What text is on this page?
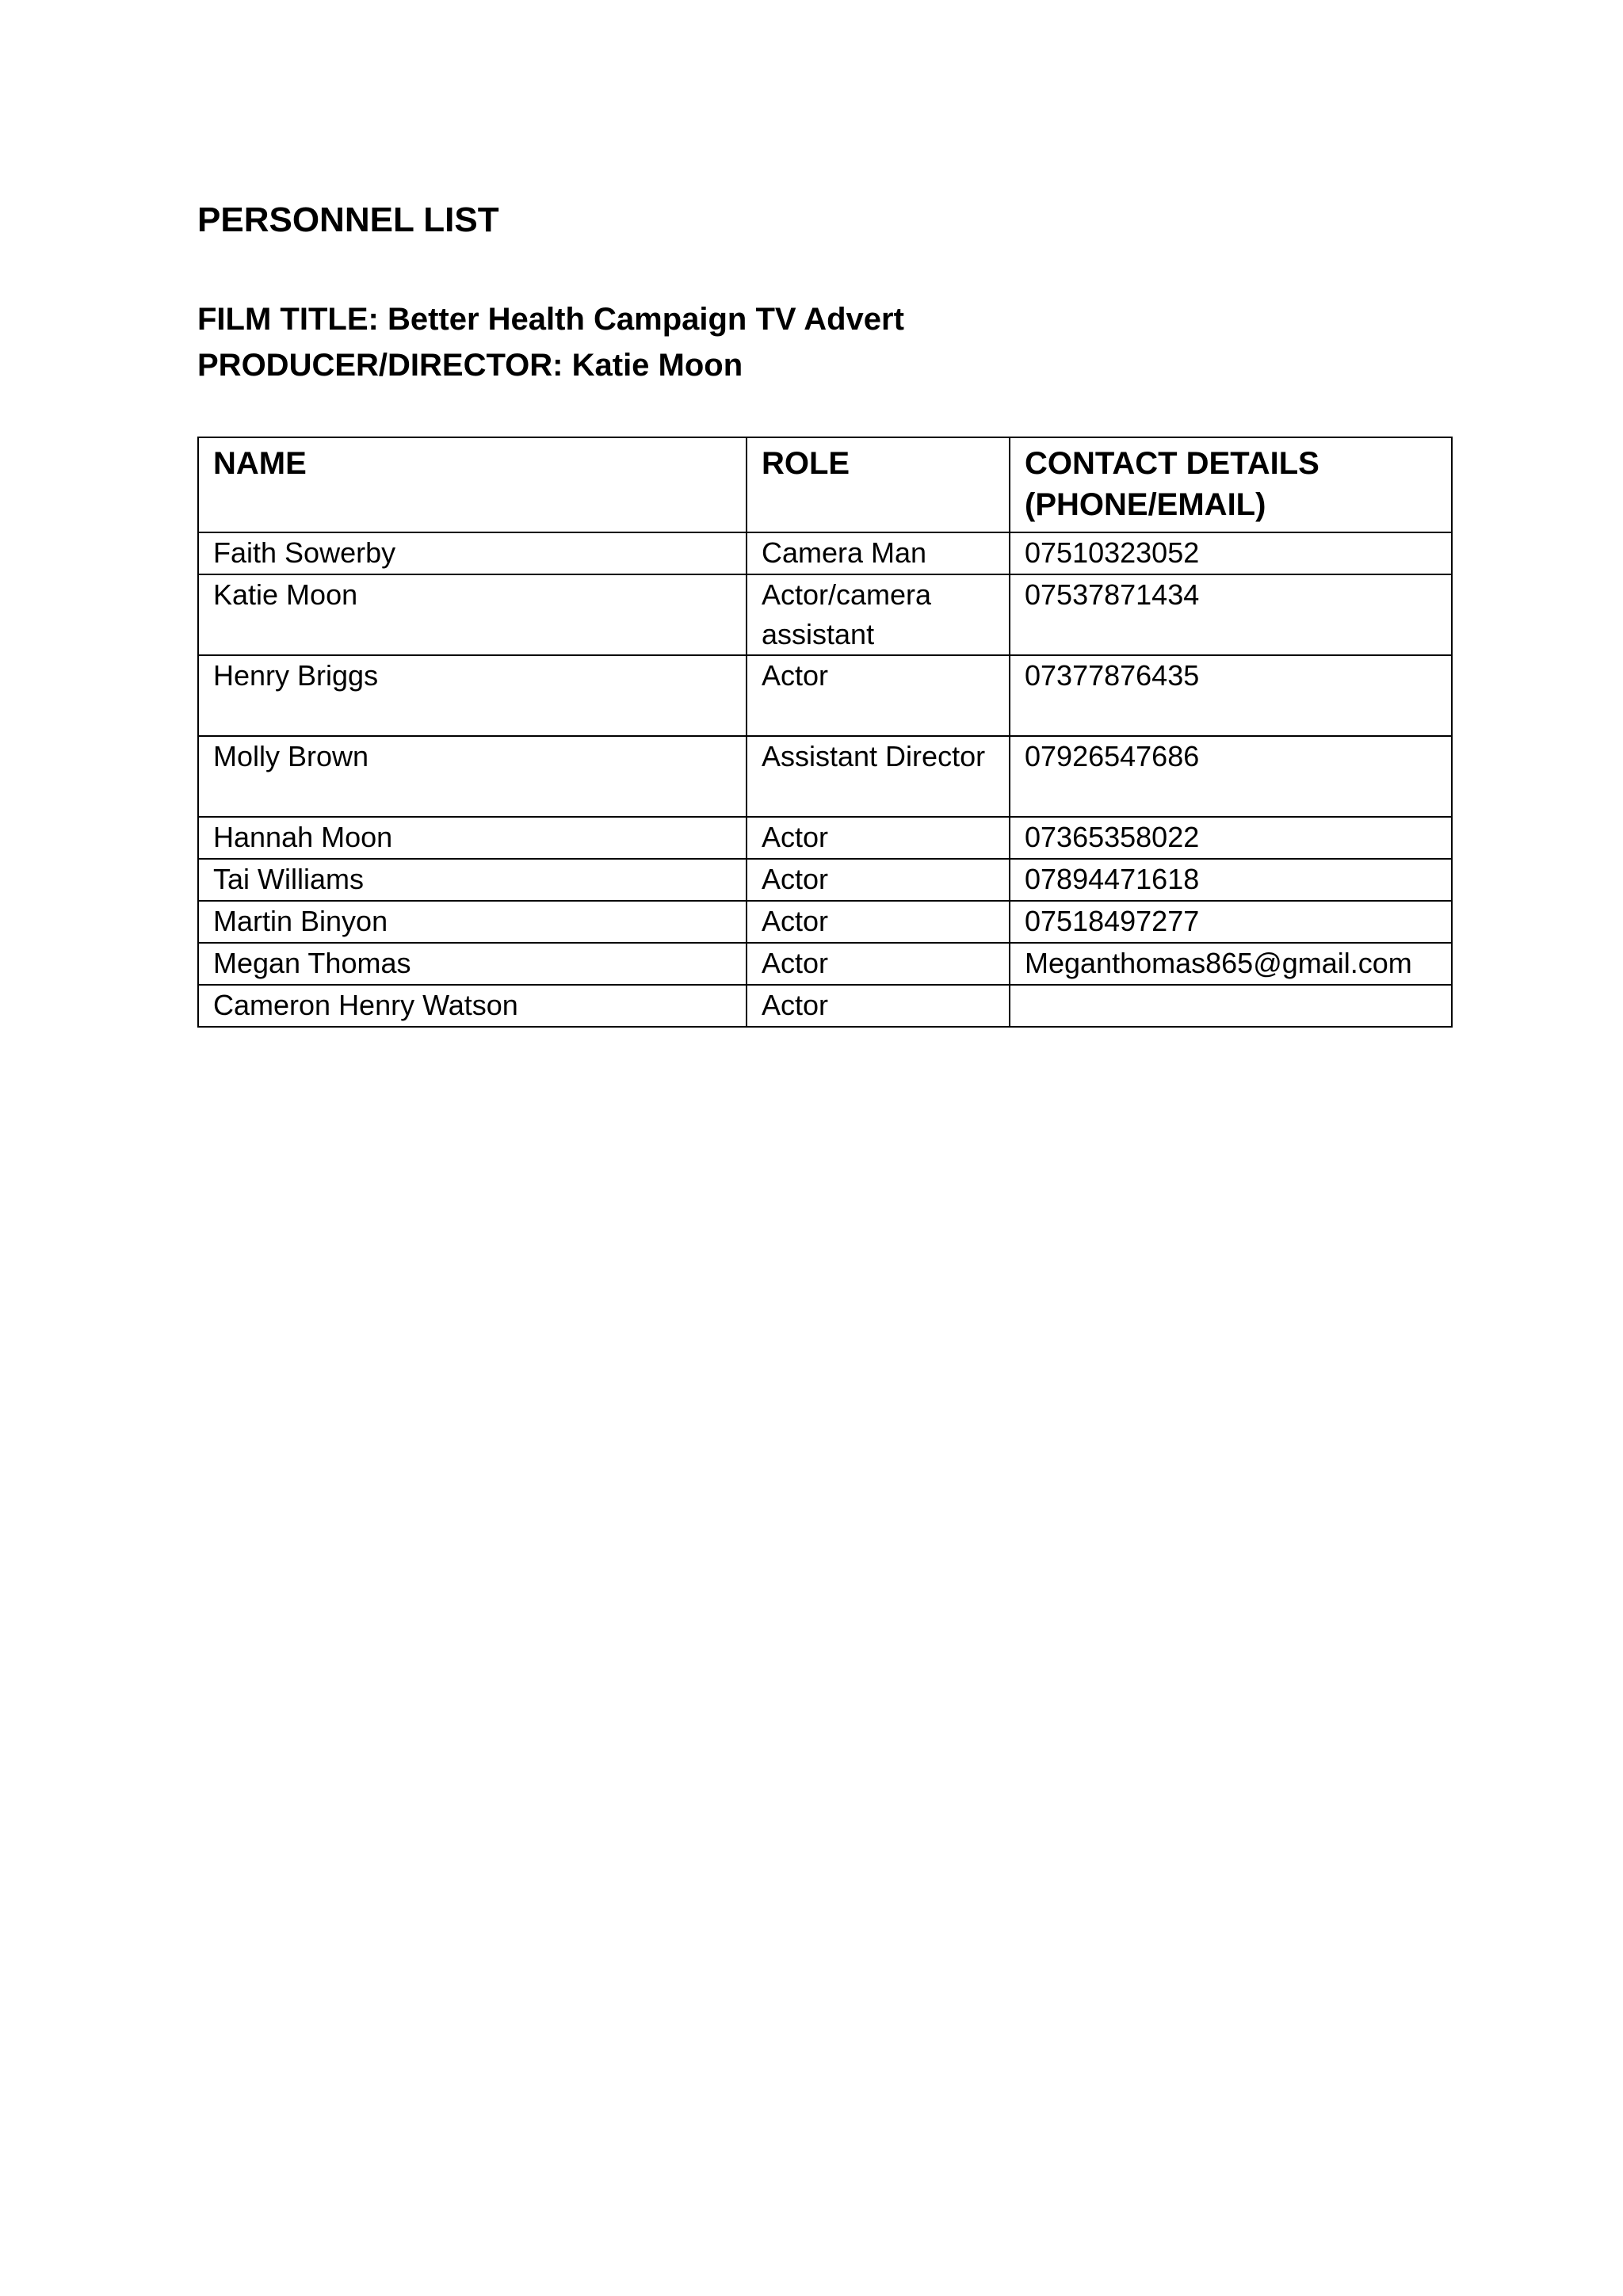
PERSONNEL LIST
FILM TITLE: Better Health Campaign TV Advert
PRODUCER/DIRECTOR: Katie Moon
NAME	ROLE	CONTACT DETAILS (PHONE/EMAIL)
Faith Sowerby	Camera Man	07510323052
Katie Moon	Actor/camera assistant	07537871434
Henry Briggs	Actor	07377876435
Molly Brown	Assistant Director	07926547686
Hannah Moon	Actor	07365358022
Tai Williams	Actor	07894471618
Martin Binyon	Actor	07518497277
Megan Thomas	Actor	Meganthomas865@gmail.com
Cameron Henry Watson	Actor	
